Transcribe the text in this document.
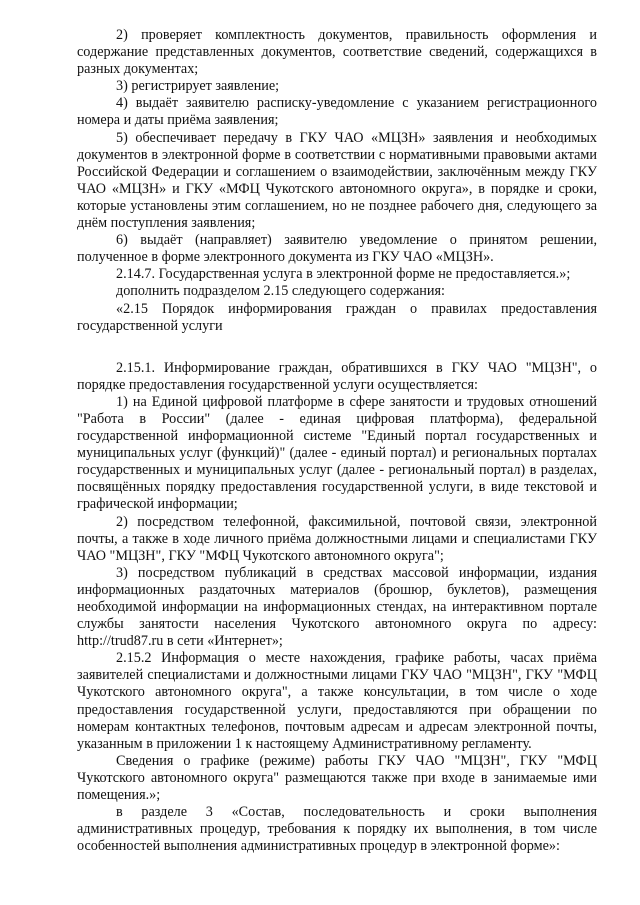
2) проверяет комплектность документов, правильность оформления и содержание представленных документов, соответствие сведений, содержащихся в разных документах;

3) регистрирует заявление;

4) выдаёт заявителю расписку-уведомление с указанием регистрационного номера и даты приёма заявления;

5) обеспечивает передачу в ГКУ ЧАО «МЦЗН» заявления и необходимых документов в электронной форме в соответствии с нормативными правовыми актами Российской Федерации и соглашением о взаимодействии, заключённым между ГКУ ЧАО «МЦЗН» и ГКУ «МФЦ Чукотского автономного округа», в порядке и сроки, которые установлены этим соглашением, но не позднее рабочего дня, следующего за днём поступления заявления;

6) выдаёт (направляет) заявителю уведомление о принятом решении, полученное в форме электронного документа из ГКУ ЧАО «МЦЗН».

2.14.7. Государственная услуга в электронной форме не предоставляется.»;

дополнить подразделом 2.15 следующего содержания:

«2.15 Порядок информирования граждан о правилах предоставления государственной услуги

2.15.1. Информирование граждан, обратившихся в ГКУ ЧАО "МЦЗН", о порядке предоставления государственной услуги осуществляется:

1) на Единой цифровой платформе в сфере занятости и трудовых отношений "Работа в России" (далее - единая цифровая платформа), федеральной государственной информационной системе "Единый портал государственных и муниципальных услуг (функций)" (далее - единый портал) и региональных порталах государственных и муниципальных услуг (далее - региональный портал) в разделах, посвящённых порядку предоставления государственной услуги, в виде текстовой и графической информации;

2) посредством телефонной, факсимильной, почтовой связи, электронной почты, а также в ходе личного приёма должностными лицами и специалистами ГКУ ЧАО "МЦЗН", ГКУ "МФЦ Чукотского автономного округа";

3) посредством публикаций в средствах массовой информации, издания информационных раздаточных материалов (брошюр, буклетов), размещения необходимой информации на информационных стендах, на интерактивном портале службы занятости населения Чукотского автономного округа по адресу: http://trud87.ru в сети «Интернет»;

2.15.2 Информация о месте нахождения, графике работы, часах приёма заявителей специалистами и должностными лицами ГКУ ЧАО "МЦЗН", ГКУ "МФЦ Чукотского автономного округа", а также консультации, в том числе о ходе предоставления государственной услуги, предоставляются при обращении по номерам контактных телефонов, почтовым адресам и адресам электронной почты, указанным в приложении 1 к настоящему Административному регламенту.

Сведения о графике (режиме) работы ГКУ ЧАО "МЦЗН", ГКУ "МФЦ Чукотского автономного округа" размещаются также при входе в занимаемые ими помещения.»;

в разделе 3 «Состав, последовательность и сроки выполнения административных процедур, требования к порядку их выполнения, в том числе особенностей выполнения административных процедур в электронной форме»:
